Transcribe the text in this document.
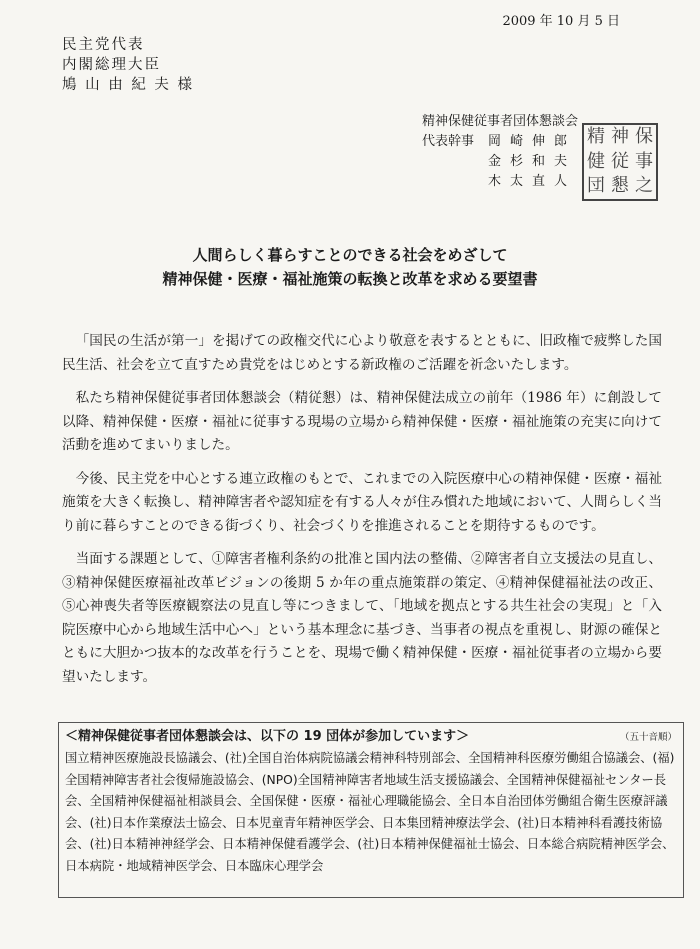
2009 年 10 月 5 日
民主党代表
内閣総理大臣
鳩 山 由 紀 夫 様
精神保健従事者団体懇談会
代表幹事	岡崎伸郎
金杉和夫
木太直人
精 神 保
健 従 事
団 懇 之
人間らしく暮らすことのできる社会をめざして
精神保健・医療・福祉施策の転換と改革を求める要望書

「国民の生活が第一」を掲げての政権交代に心より敬意を表するとともに、旧政権で疲弊した国民生活、社会を立て直すため貴党をはじめとする新政権のご活躍を祈念いたします。

私たち精神保健従事者団体懇談会（精従懇）は、精神保健法成立の前年（1986 年）に創設して以降、精神保健・医療・福祉に従事する現場の立場から精神保健・医療・福祉施策の充実に向けて活動を進めてまいりました。

今後、民主党を中心とする連立政権のもとで、これまでの入院医療中心の精神保健・医療・福祉施策を大きく転換し、精神障害者や認知症を有する人々が住み慣れた地域において、人間らしく当り前に暮らすことのできる街づくり、社会づくりを推進されることを期待するものです。

当面する課題として、①障害者権利条約の批准と国内法の整備、②障害者自立支援法の見直し、③精神保健医療福祉改革ビジョンの後期 5 か年の重点施策群の策定、④精神保健福祉法の改正、⑤心神喪失者等医療観察法の見直し等につきまして、「地域を拠点とする共生社会の実現」と「入院医療中心から地域生活中心へ」という基本理念に基づき、当事者の視点を重視し、財源の確保とともに大胆かつ抜本的な改革を行うことを、現場で働く精神保健・医療・福祉従事者の立場から要望いたします。

＜精神保健従事者団体懇談会は、以下の 19 団体が参加しています＞	（五十音順）
国立精神医療施設長協議会、(社)全国自治体病院協議会精神科特別部会、全国精神科医療労働組合協議会、(福)全国精神障害者社会復帰施設協会、(NPO)全国精神障害者地域生活支援協議会、全国精神保健福祉センター長会、全国精神保健福祉相談員会、全国保健・医療・福祉心理職能協会、全日本自治団体労働組合衛生医療評議会、(社)日本作業療法士協会、日本児童青年精神医学会、日本集団精神療法学会、(社)日本精神科看護技術協会、(社)日本精神神経学会、日本精神保健看護学会、(社)日本精神保健福祉士協会、日本総合病院精神医学会、日本病院・地域精神医学会、日本臨床心理学会
